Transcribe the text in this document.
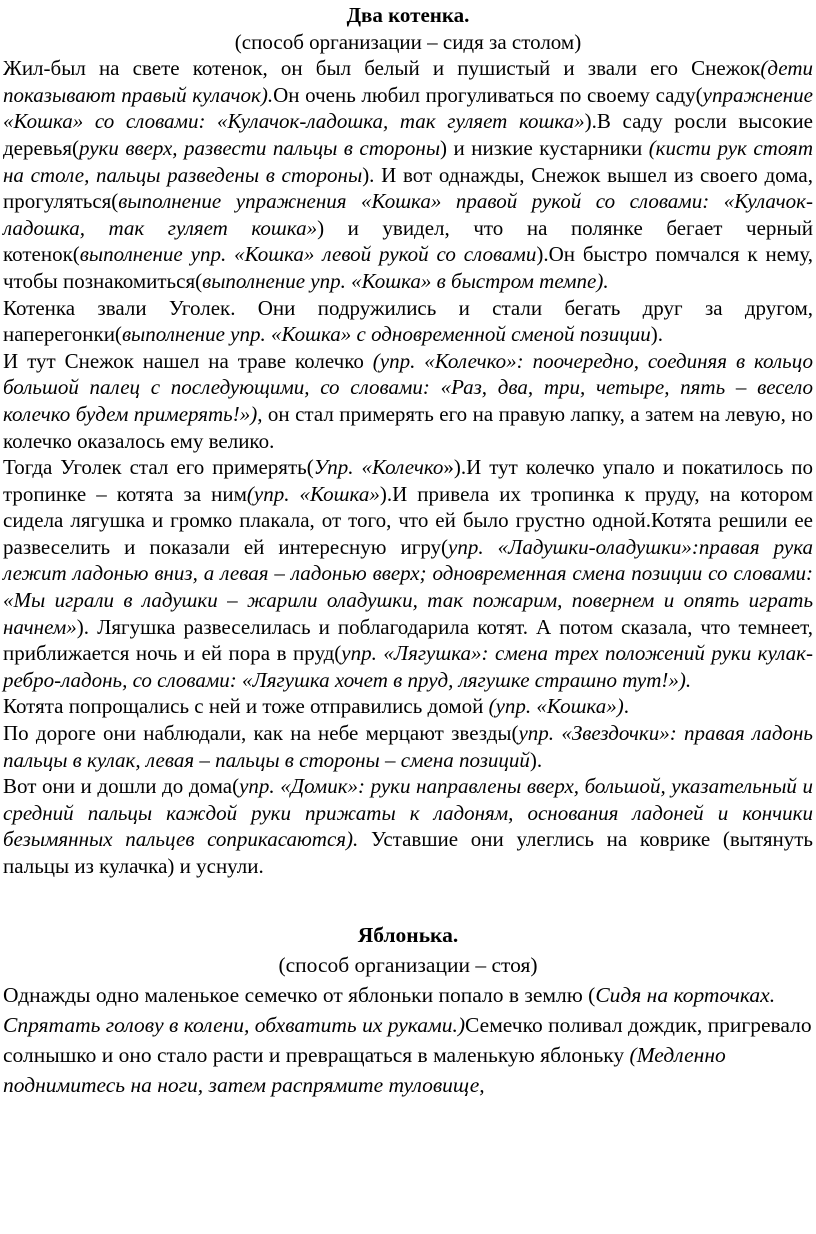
Два котенка.

(способ организации – сидя за столом)

Жил-был на свете котенок, он был белый и пушистый и звали его Снежок(дети показывают правый кулачок).Он очень любил прогуливаться по своему саду(упражнение «Кошка» со словами: «Кулачок-ладошка, так гуляет кошка»).В саду росли высокие деревья(руки вверх, развести пальцы в стороны) и низкие кустарники (кисти рук стоят на столе, пальцы разведены в стороны). И вот однажды, Снежок вышел из своего дома, прогуляться(выполнение упражнения «Кошка» правой рукой со словами: «Кулачок-ладошка, так гуляет кошка») и увидел, что на полянке бегает черный котенок(выполнение упр. «Кошка» левой рукой со словами).Он быстро помчался к нему, чтобы познакомиться(выполнение упр. «Кошка» в быстром темпе).

Котенка звали Уголек. Они подружились и стали бегать друг за другом, наперегонки(выполнение упр. «Кошка» с одновременной сменой позиции).

И тут Снежок нашел на траве колечко (упр. «Колечко»: поочередно, соединяя в кольцо большой палец с последующими, со словами: «Раз, два, три, четыре, пять – весело колечко будем примерять!»), он стал примерять его на правую лапку, а затем на левую, но колечко оказалось ему велико.

Тогда Уголек стал его примерять(Упр. «Колечко»).И тут колечко упало и покатилось по тропинке – котята за ним(упр. «Кошка»).И привела их тропинка к пруду, на котором сидела лягушка и громко плакала, от того, что ей было грустно одной.Котята решили ее развеселить и показали ей интересную игру(упр. «Ладушки-оладушки»:правая рука лежит ладонью вниз, а левая – ладонью вверх; одновременная смена позиции со словами: «Мы играли в ладушки – жарили оладушки, так пожарим, повернем и опять играть начнем»). Лягушка развеселилась и поблагодарила котят. А потом сказала, что темнеет, приближается ночь и ей пора в пруд(упр. «Лягушка»: смена трех положений руки кулак-ребро-ладонь, со словами: «Лягушка хочет в пруд, лягушке страшно тут!»).

Котята попрощались с ней и тоже отправились домой (упр. «Кошка»).

По дороге они наблюдали, как на небе мерцают звезды(упр. «Звездочки»: правая ладонь пальцы в кулак, левая – пальцы в стороны – смена позиций).

Вот они и дошли до дома(упр. «Домик»: руки направлены вверх, большой, указательный и средний пальцы каждой руки прижаты к ладоням, основания ладоней и кончики безымянных пальцев соприкасаются). Уставшие они улеглись на коврике (вытянуть пальцы из кулачка) и уснули.

Яблонька.

(способ организации – стоя)

Однажды одно маленькое семечко от яблоньки попало в землю (Сидя на корточках. Спрятать голову в колени, обхватить их руками.)Семечко поливал дождик, пригревало солнышко и оно стало расти и превращаться в маленькую яблоньку (Медленно поднимитесь на ноги, затем распрямите туловище,
